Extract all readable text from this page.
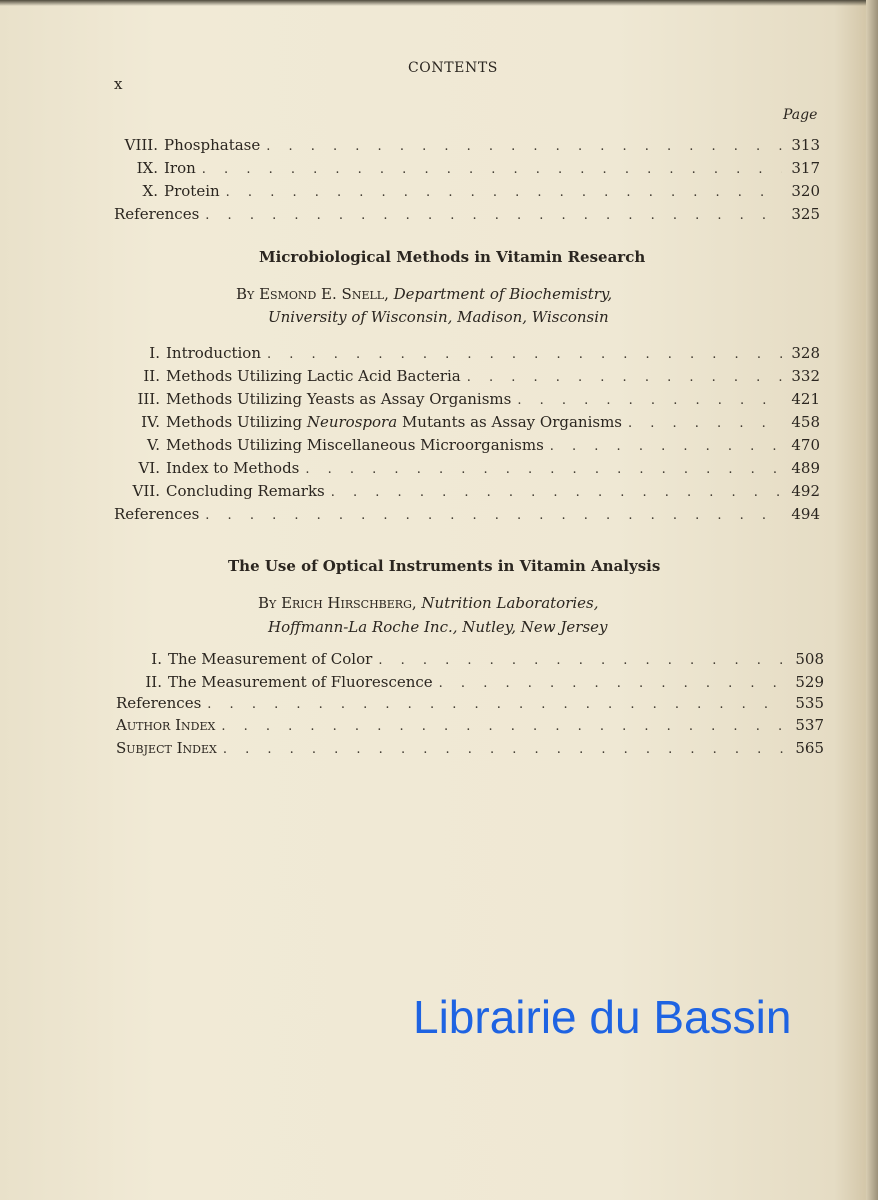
CONTENTS
x
Page
VIII. Phosphatase . . .	313
IX. Iron . . .	317
X. Protein . . .	320
References . . .	325
Microbiological Methods in Vitamin Research
By Esmond E. Snell, Department of Biochemistry,
University of Wisconsin, Madison, Wisconsin
I. Introduction . . .	328
II. Methods Utilizing Lactic Acid Bacteria . . .	332
III. Methods Utilizing Yeasts as Assay Organisms . . .	421
IV. Methods Utilizing Neurospora Mutants as Assay Organisms . . .	458
V. Methods Utilizing Miscellaneous Microorganisms . . .	470
VI. Index to Methods . . .	489
VII. Concluding Remarks . . .	492
References . . .	494
The Use of Optical Instruments in Vitamin Analysis
By Erich Hirschberg, Nutrition Laboratories,
Hoffmann-La Roche Inc., Nutley, New Jersey
I. The Measurement of Color . . .	508
II. The Measurement of Fluorescence . . .	529
References . . .	535
Author Index . . .	537
Subject Index . . .	565
Librairie du Bassin
